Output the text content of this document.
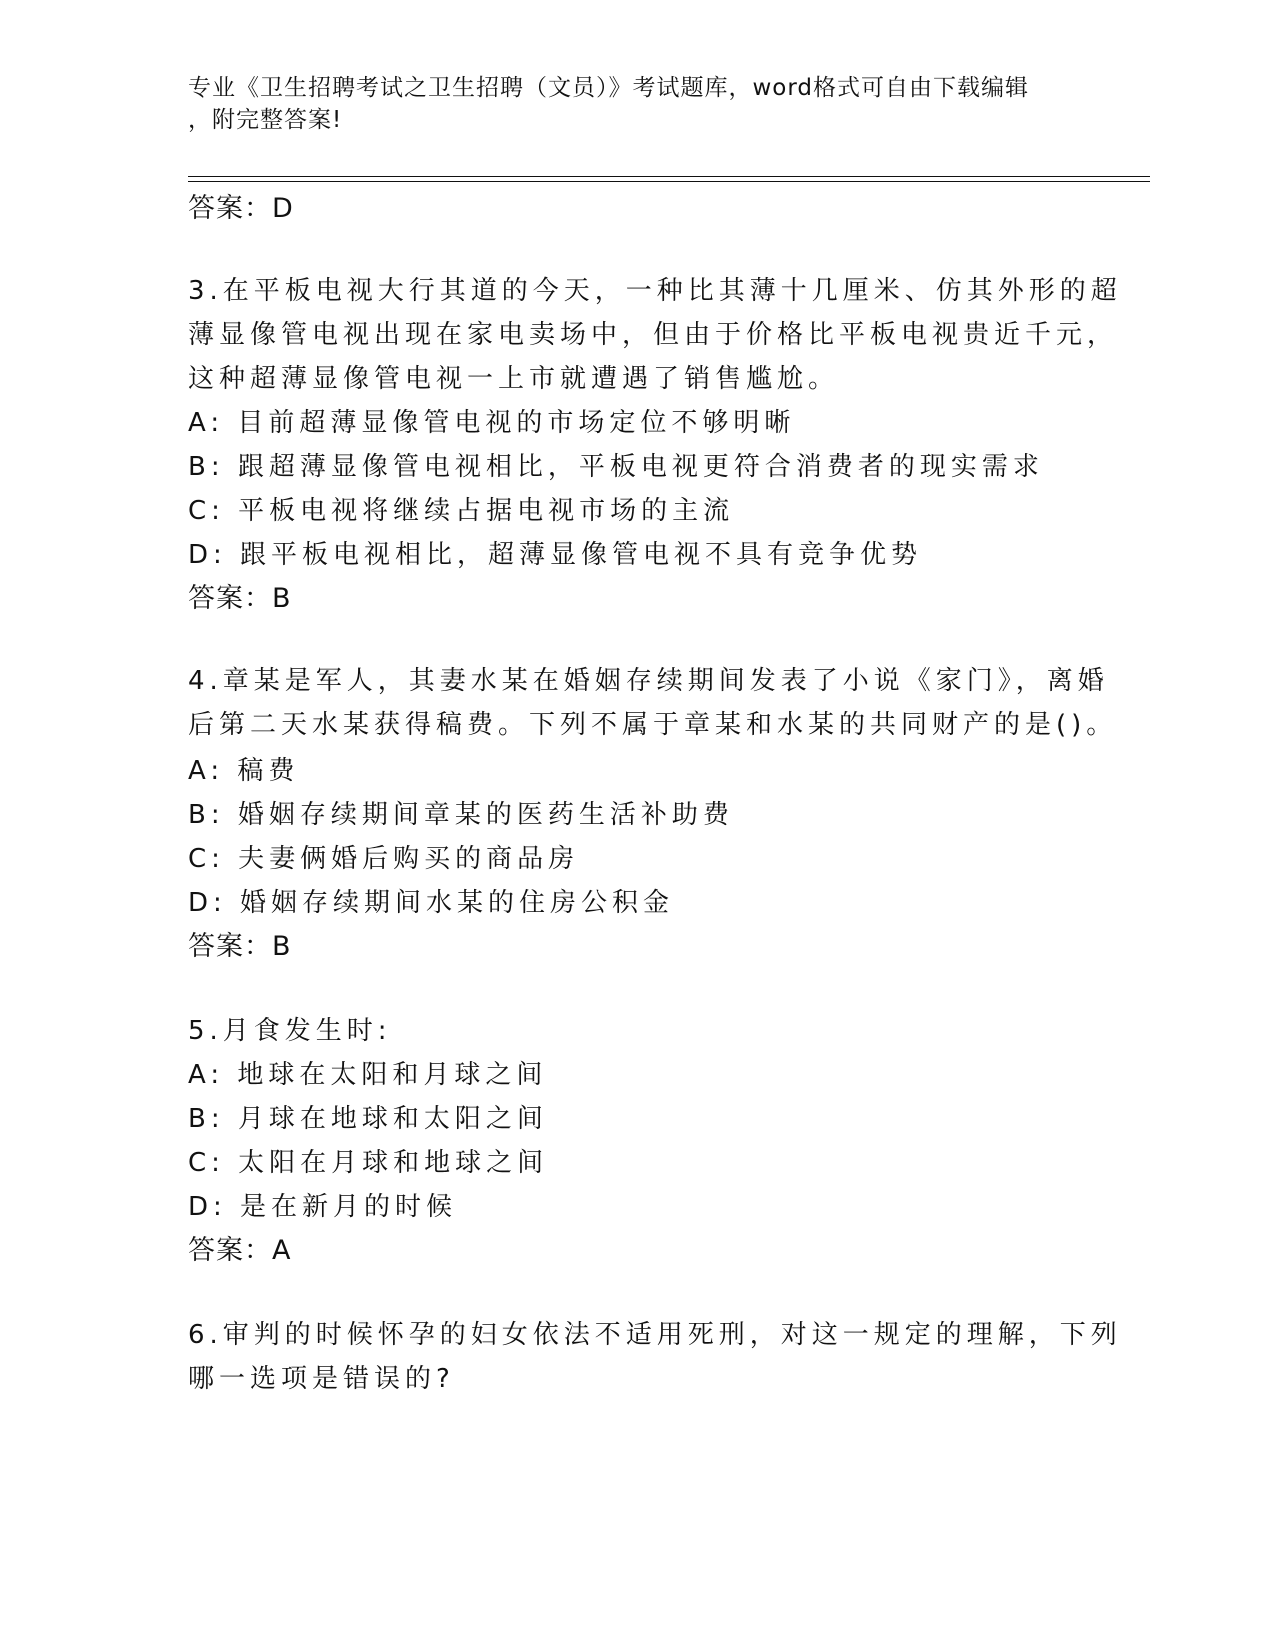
专业《卫生招聘考试之卫生招聘（文员）》考试题库，word格式可自由下载编辑
，附完整答案!
答案：D
3.在平板电视大行其道的今天，一种比其薄十几厘米、仿其外形的超
薄显像管电视出现在家电卖场中，但由于价格比平板电视贵近千元，
这种超薄显像管电视一上市就遭遇了销售尴尬。
A: 目前超薄显像管电视的市场定位不够明晰
B: 跟超薄显像管电视相比，平板电视更符合消费者的现实需求
C: 平板电视将继续占据电视市场的主流
D: 跟平板电视相比，超薄显像管电视不具有竞争优势
答案：B
4.章某是军人，其妻水某在婚姻存续期间发表了小说《家门》，离婚
后第二天水某获得稿费。下列不属于章某和水某的共同财产的是()。
A: 稿费
B: 婚姻存续期间章某的医药生活补助费
C: 夫妻俩婚后购买的商品房
D: 婚姻存续期间水某的住房公积金
答案：B
5.月食发生时:
A: 地球在太阳和月球之间
B: 月球在地球和太阳之间
C: 太阳在月球和地球之间
D: 是在新月的时候
答案：A
6.审判的时候怀孕的妇女依法不适用死刑，对这一规定的理解，下列
哪一选项是错误的?
